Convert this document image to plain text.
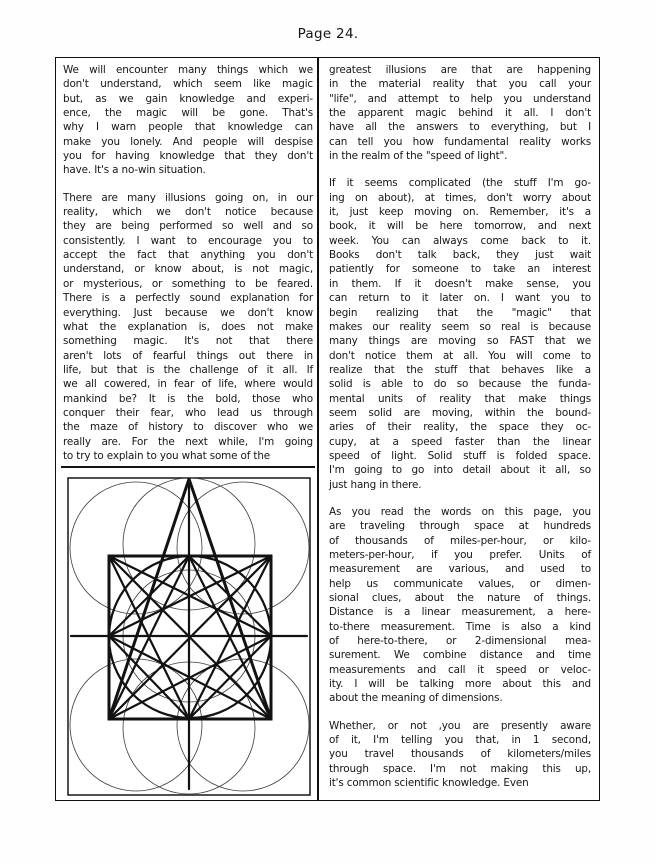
Page 24.
We will encounter many things which we
don't understand, which seem like magic
but, as we gain knowledge and experi-
ence, the magic will be gone. That's
why I warn people that knowledge can
make you lonely. And people will despise
you for having knowledge that they don't
have. It's a no-win situation.
There are many illusions going on, in our
reality, which we don't notice because
they are being performed so well and so
consistently. I want to encourage you to
accept the fact that anything you don't
understand, or know about, is not magic,
or mysterious, or something to be feared.
There is a perfectly sound explanation for
everything. Just because we don't know
what the explanation is, does not make
something magic. It's not that there
aren't lots of fearful things out there in
life, but that is the challenge of it all. If
we all cowered, in fear of life, where would
mankind be? It is the bold, those who
conquer their fear, who lead us through
the maze of history to discover who we
really are. For the next while, I'm going
to try to explain to you what some of the
greatest illusions are that are happening
in the material reality that you call your
"life", and attempt to help you understand
the apparent magic behind it all. I don't
have all the answers to everything, but I
can tell you how fundamental reality works
in the realm of the "speed of light".
If it seems complicated (the stuff I'm go-
ing on about), at times, don't worry about
it, just keep moving on. Remember, it's a
book, it will be here tomorrow, and next
week. You can always come back to it.
Books don't talk back, they just wait
patiently for someone to take an interest
in them. If it doesn't make sense, you
can return to it later on. I want you to
begin realizing that the "magic" that
makes our reality seem so real is because
many things are moving so FAST that we
don't notice them at all. You will come to
realize that the stuff that behaves like a
solid is able to do so because the funda-
mental units of reality that make things
seem solid are moving, within the bound-
aries of their reality, the space they oc-
cupy, at a speed faster than the linear
speed of light. Solid stuff is folded space.
I'm going to go into detail about it all, so
just hang in there.
As you read the words on this page, you
are traveling through space at hundreds
of thousands of miles-per-hour, or kilo-
meters-per-hour, if you prefer. Units of
measurement are various, and used to
help us communicate values, or dimen-
sional clues, about the nature of things.
Distance is a linear measurement, a here-
to-there measurement. Time is also a kind
of here-to-there, or 2-dimensional mea-
surement. We combine distance and time
measurements and call it speed or veloc-
ity. I will be talking more about this and
about the meaning of dimensions.
Whether, or not ,you are presently aware
of it, I'm telling you that, in 1 second,
you travel thousands of kilometers/miles
through space. I'm not making this up,
it's common scientific knowledge. Even
